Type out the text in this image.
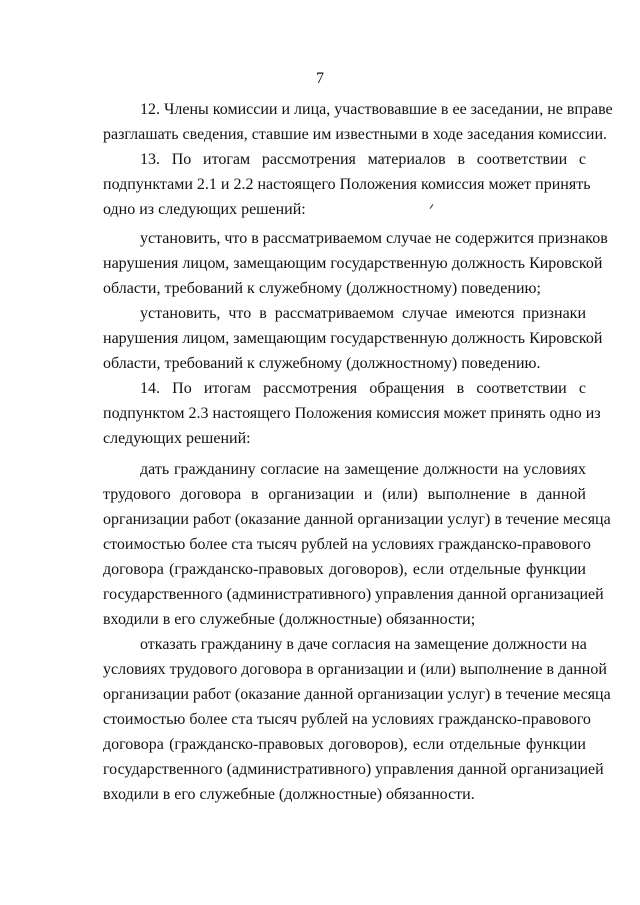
7
12. Члены комиссии и лица, участвовавшие в ее заседании, не вправе
разглашать сведения, ставшие им известными в ходе заседания комиссии.
13. По итогам рассмотрения материалов в соответствии с
подпунктами 2.1 и 2.2 настоящего Положения комиссия может принять
одно из следующих решений:
установить, что в рассматриваемом случае не содержится признаков
нарушения лицом, замещающим государственную должность Кировской
области, требований к служебному (должностному) поведению;
установить, что в рассматриваемом случае имеются признаки
нарушения лицом, замещающим государственную должность Кировской
области, требований к служебному (должностному) поведению.
14. По итогам рассмотрения обращения в соответствии с
подпунктом 2.3 настоящего Положения комиссия может принять одно из
следующих решений:
дать гражданину согласие на замещение должности на условиях
трудового договора в организации и (или) выполнение в данной
организации работ (оказание данной организации услуг) в течение месяца
стоимостью более ста тысяч рублей на условиях гражданско-правового
договора (гражданско-правовых договоров), если отдельные функции
государственного (административного) управления данной организацией
входили в его служебные (должностные) обязанности;
отказать гражданину в даче согласия на замещение должности на
условиях трудового договора в организации и (или) выполнение в данной
организации работ (оказание данной организации услуг) в течение месяца
стоимостью более ста тысяч рублей на условиях гражданско-правового
договора (гражданско-правовых договоров), если отдельные функции
государственного (административного) управления данной организацией
входили в его служебные (должностные) обязанности.
